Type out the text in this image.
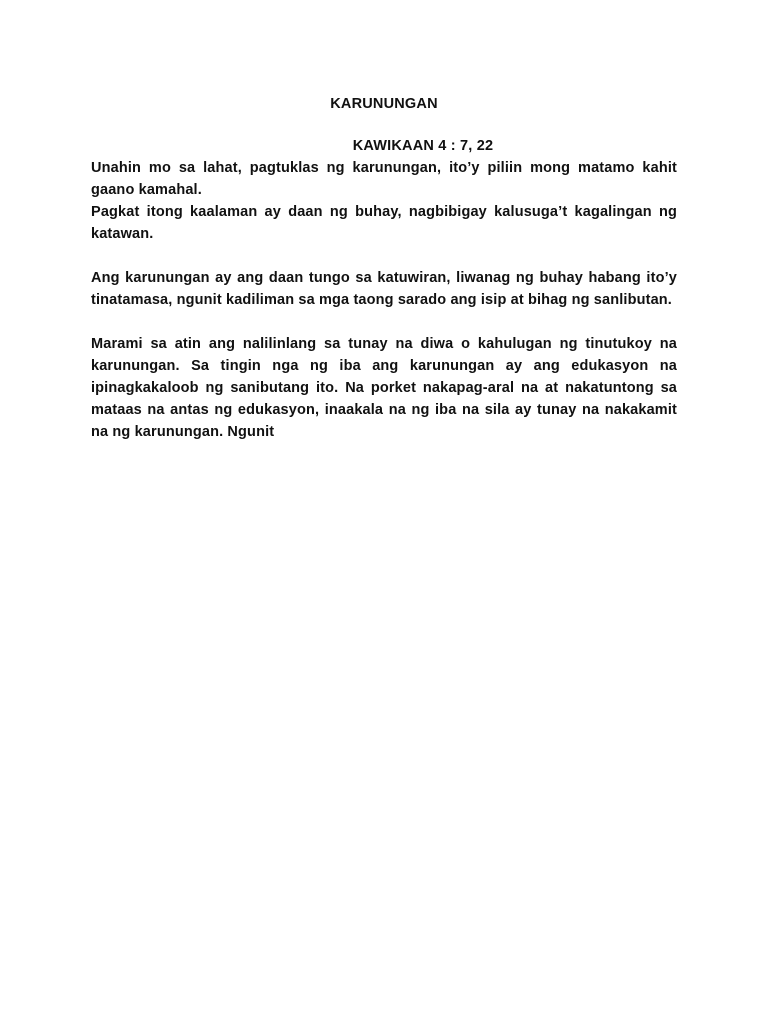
KARUNUNGAN
KAWIKAAN 4 : 7, 22

Unahin mo sa lahat, pagtuklas ng karunungan, ito’y piliin mong matamo kahit gaano kamahal.

Pagkat itong kaalaman ay daan ng buhay, nagbibigay kalusuga’t kagalingan ng katawan.

Ang karunungan ay ang daan tungo sa katuwiran, liwanag ng buhay habang ito’y tinatamasa, ngunit kadiliman sa mga taong sarado ang isip at bihag ng sanlibutan.

Marami sa atin ang nalilinlang sa tunay na diwa o kahulugan ng tinutukoy na karunungan. Sa tingin nga ng iba ang karunungan ay ang edukasyon na ipinagkakaloob ng sanibutang ito. Na porket nakapag-aral na at nakatuntong sa mataas na antas ng edukasyon, inaakala na ng iba na sila ay tunay na nakakamit na ng karunungan. Ngunit
